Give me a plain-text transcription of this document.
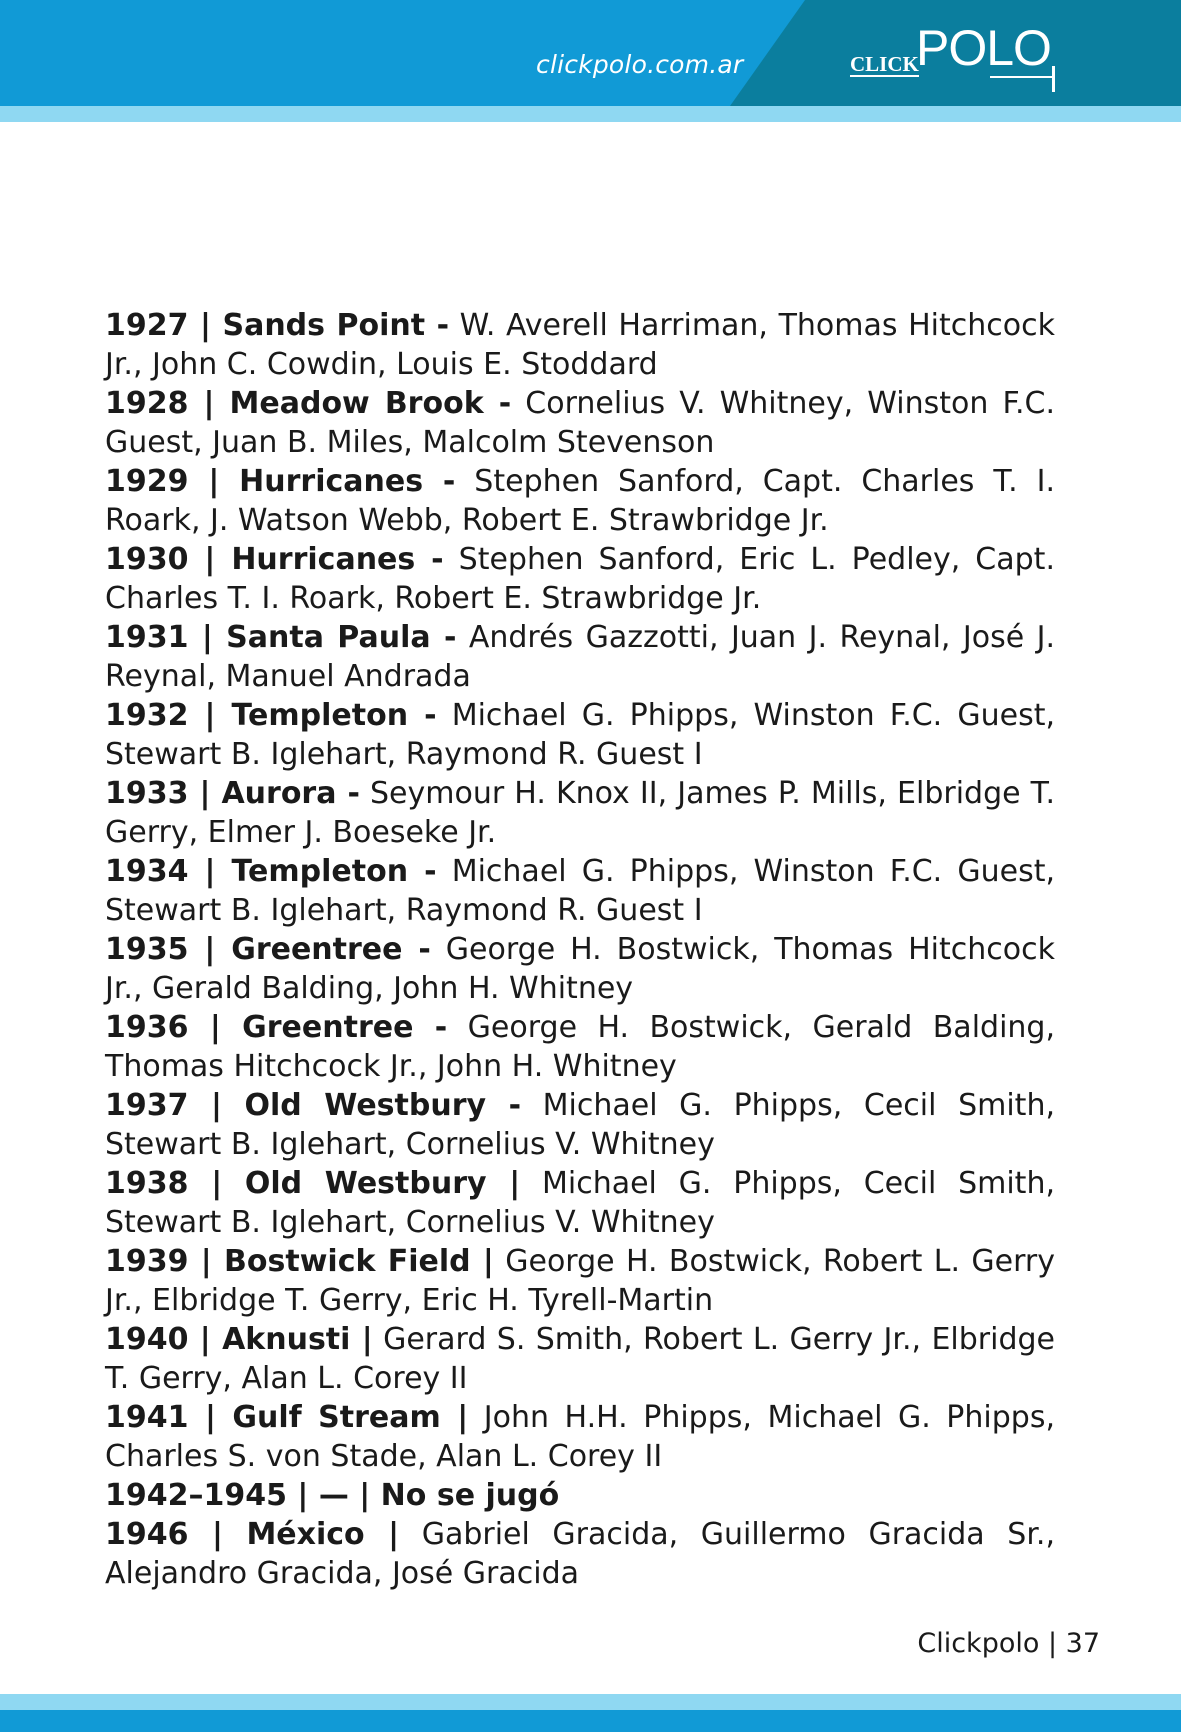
clickpolo.com.ar	CLICK
POLO

1927 | Sands Point - W. Averell Harriman, Thomas Hitchcock Jr., John C. Cowdin, Louis E. Stoddard

1928 | Meadow Brook - Cornelius V. Whitney, Winston F.C. Guest, Juan B. Miles, Malcolm Stevenson

1929 | Hurricanes - Stephen Sanford, Capt. Charles T. I. Roark, J. Watson Webb, Robert E. Strawbridge Jr.

1930 | Hurricanes - Stephen Sanford, Eric L. Pedley, Capt. Charles T. I. Roark, Robert E. Strawbridge Jr.

1931 | Santa Paula - Andrés Gazzotti, Juan J. Reynal, José J. Reynal, Manuel Andrada

1932 | Templeton - Michael G. Phipps, Winston F.C. Guest, Stewart B. Iglehart, Raymond R. Guest I

1933 | Aurora - Seymour H. Knox II, James P. Mills, Elbridge T. Gerry, Elmer J. Boeseke Jr.

1934 | Templeton - Michael G. Phipps, Winston F.C. Guest, Stewart B. Iglehart, Raymond R. Guest I

1935 | Greentree - George H. Bostwick, Thomas Hitchcock Jr., Gerald Balding, John H. Whitney

1936 | Greentree - George H. Bostwick, Gerald Balding, Thomas Hitchcock Jr., John H. Whitney

1937 | Old Westbury - Michael G. Phipps, Cecil Smith, Stewart B. Iglehart, Cornelius V. Whitney

1938 | Old Westbury | Michael G. Phipps, Cecil Smith, Stewart B. Iglehart, Cornelius V. Whitney

1939 | Bostwick Field | George H. Bostwick, Robert L. Gerry Jr., Elbridge T. Gerry, Eric H. Tyrell-Martin

1940 | Aknusti | Gerard S. Smith, Robert L. Gerry Jr., Elbridge T. Gerry, Alan L. Corey II

1941 | Gulf Stream | John H.H. Phipps, Michael G. Phipps, Charles S. von Stade, Alan L. Corey II

1942–1945 | — | No se jugó

1946 | México | Gabriel Gracida, Guillermo Gracida Sr., Alejandro Gracida, José Gracida

Clickpolo | 37
